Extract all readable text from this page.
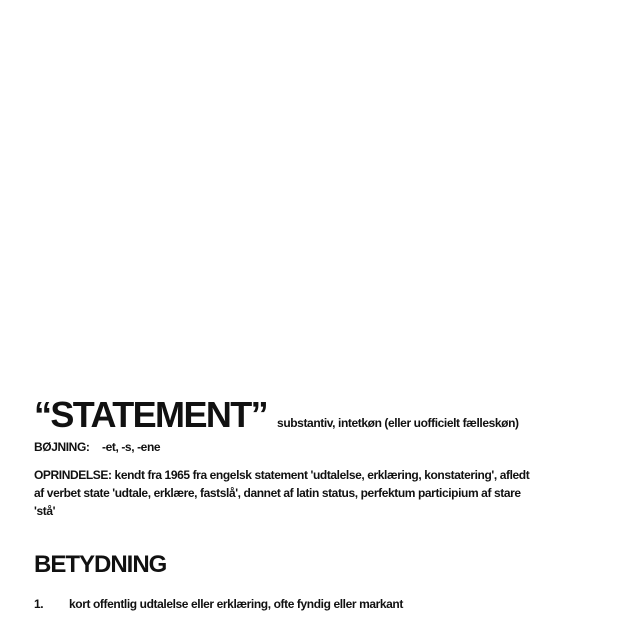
“STATEMENT” substantiv, intetkøn (eller uofficielt fælleskøn)
BØJNING: -et, -s, -ene
OPRINDELSE: kendt fra 1965 fra engelsk statement 'udtalelse, erklæring, konstatering', afledt af verbet state 'udtale, erklære, fastslå', dannet af latin status, perfektum participium af stare 'stå'
BETYDNING
1. kort offentlig udtalelse eller erklæring, ofte fyndig eller markant
